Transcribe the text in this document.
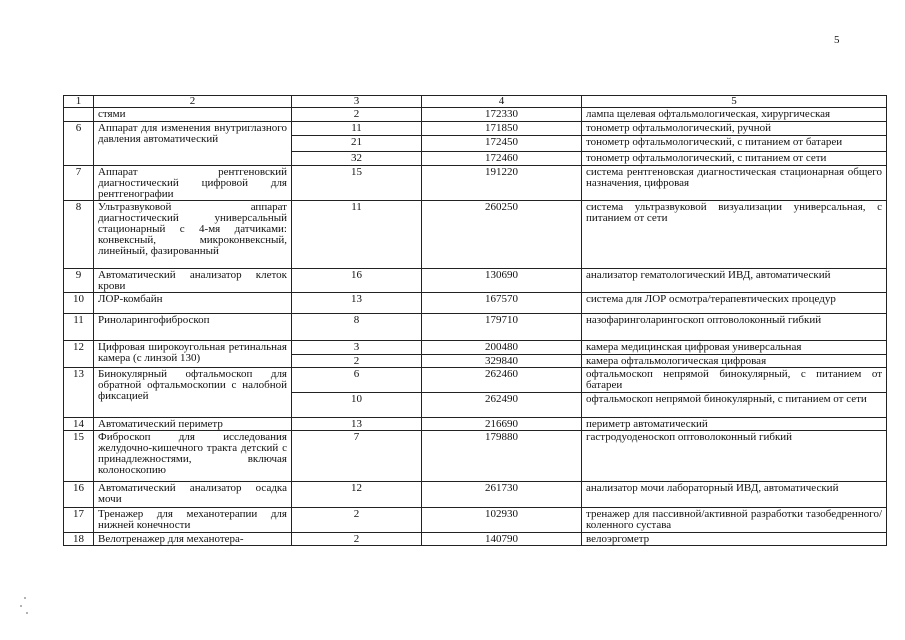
5
1	2	3	4	5
	стями	2	172330	лампа щелевая офтальмологическая, хирургическая
6	Аппарат для изменения внутриглазного давления автоматический	11	171850	тонометр офтальмологический, ручной
		21	172450	тонометр офтальмологический, с питанием от батареи
		32	172460	тонометр офтальмологический, с питанием от сети
7	Аппарат рентгеновский диагностический цифровой для рентгенографии	15	191220	система рентгеновская диагностическая стационарная общего назначения, цифровая
8	Ультразвуковой аппарат диагностический универсальный стационарный с 4-мя датчиками: конвексный, микроконвексный, линейный, фазированный	11	260250	система ультразвуковой визуализации универсальная, с питанием от сети
9	Автоматический анализатор клеток крови	16	130690	анализатор гематологический ИВД, автоматический
10	ЛОР-комбайн	13	167570	система для ЛОР осмотра/терапевтических процедур
11	Риноларингофиброскоп	8	179710	назофаринголарингоскоп оптоволоконный гибкий
12	Цифровая широкоугольная ретинальная камера (с линзой 130)	3	200480	камера медицинская цифровая универсальная
		2	329840	камера офтальмологическая цифровая
13	Бинокулярный офтальмоскоп для обратной офтальмоскопии с налобной фиксацией	6	262460	офтальмоскоп непрямой бинокулярный, с питанием от батареи
		10	262490	офтальмоскоп непрямой бинокулярный, с питанием от сети
14	Автоматический периметр	13	216690	периметр автоматический
15	Фиброскоп для исследования желудочно-кишечного тракта детский с принадлежностями, включая колоноскопию	7	179880	гастродуоденоскоп оптоволоконный гибкий
16	Автоматический анализатор осадка мочи	12	261730	анализатор мочи лабораторный ИВД, автоматический
17	Тренажер для механотерапии для нижней конечности	2	102930	тренажер для пассивной/активной разработки тазобедренного/коленного сустава
18	Велотренажер для механотера-	2	140790	велоэргометр
